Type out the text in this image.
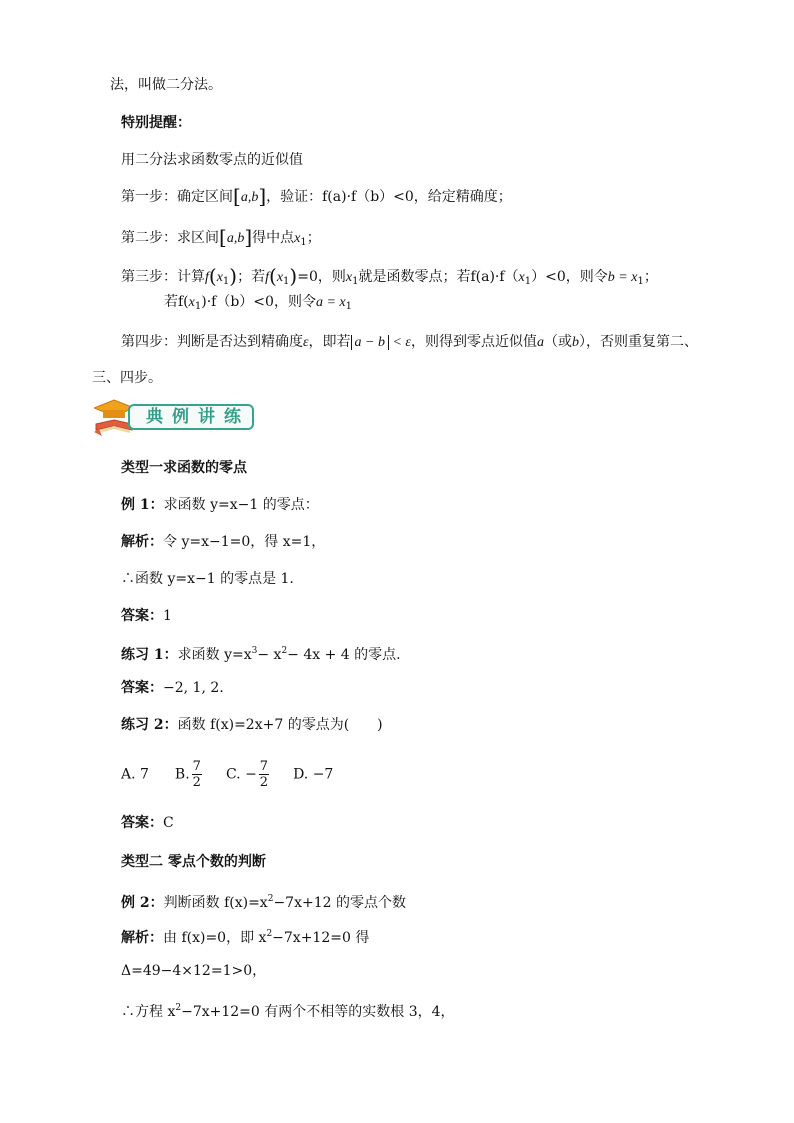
法，叫做二分法。
特别提醒：
用二分法求函数零点的近似值
第一步：确定区间[a,b]，验证：f(a)·f（b）<0，给定精确度；
第二步：求区间[a,b]得中点$x_1$；
第三步：计算$f(x_1)$；若$f(x_1)=0$，则$x_1$就是函数零点；若$f(a)\cdot f(x_1)<0$，则令$b = x_1$；
若$f(x_1)\cdot f(b)<0$，则令$a = x_1$
第四步：判断是否达到精确度ε，即若 a − b < ε，则得到零点近似值a（或b），否则重复第二、
三、四步。
典例讲练
类型一求函数的零点
例 1：求函数 y=x−1 的零点：
解析：令 y=x−1=0，得 x=1，
∴函数 y=x−1 的零点是 1.
答案：1
练习 1：求函数 $y=x^3- x^2- 4x + 4$ 的零点.
答案：−2, 1, 2.
练习 2：函数 f(x)=2x+7 的零点为(　　)
A. 7 B. $\frac{7}{2} C$. − $\frac{7}{2} D$. −7
答案：C
类型二 零点个数的判断
例 2：判断函数 $f(x)=x^2-7x+12$ 的零点个数
解析：由 f(x)=0，即 $x^2-7x+12=0$ 得
Δ=49−4×12=1>0，
∴方程 $x^2-7x+12=0$ 有两个不相等的实数根 3，4，
